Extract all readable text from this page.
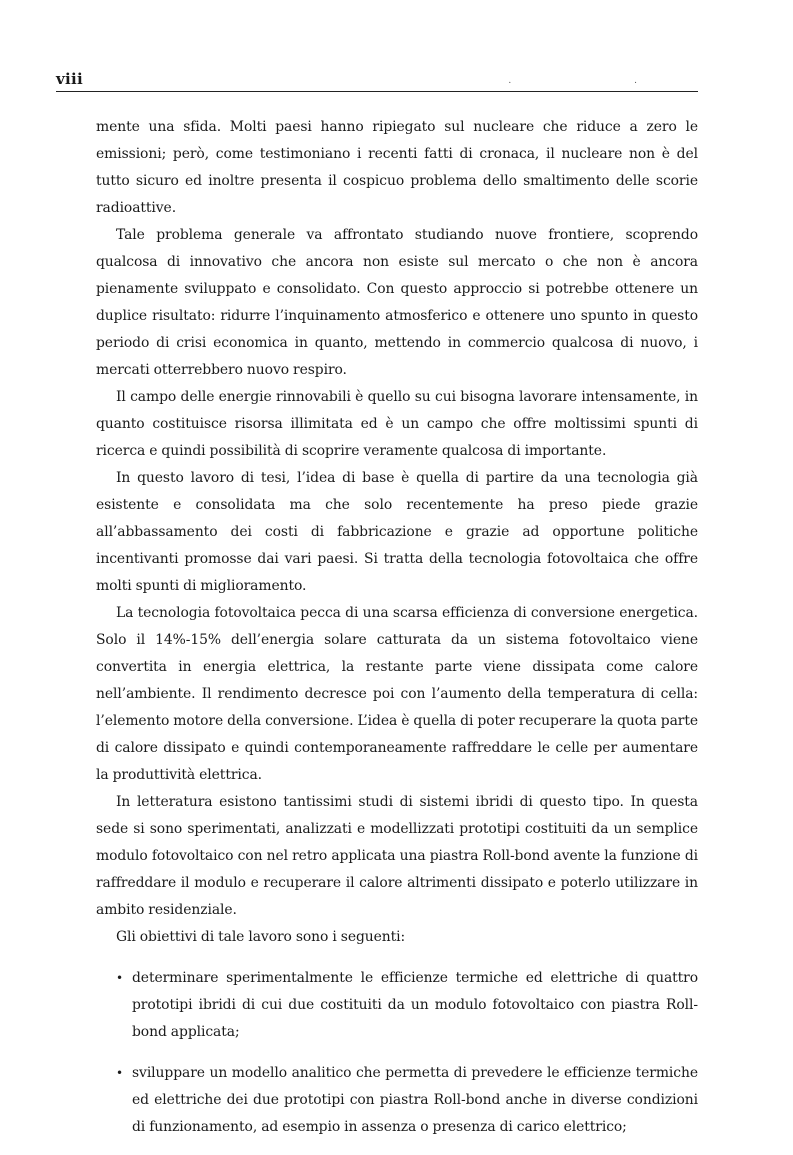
viii	. .

mente una sfida. Molti paesi hanno ripiegato sul nucleare che riduce a zero le emissioni; però, come testimoniano i recenti fatti di cronaca, il nucleare non è del tutto sicuro ed inoltre presenta il cospicuo problema dello smaltimento delle scorie radioattive.

Tale problema generale va affrontato studiando nuove frontiere, scoprendo qualcosa di innovativo che ancora non esiste sul mercato o che non è ancora pienamente sviluppato e consolidato. Con questo approccio si potrebbe ottenere un duplice risultato: ridurre l’inquinamento atmosferico e ottenere uno spunto in questo periodo di crisi economica in quanto, mettendo in commercio qualcosa di nuovo, i mercati otterrebbero nuovo respiro.

Il campo delle energie rinnovabili è quello su cui bisogna lavorare intensamente, in quanto costituisce risorsa illimitata ed è un campo che offre moltissimi spunti di ricerca e quindi possibilità di scoprire veramente qualcosa di importante.

In questo lavoro di tesi, l’idea di base è quella di partire da una tecnologia già esistente e consolidata ma che solo recentemente ha preso piede grazie all’abbassamento dei costi di fabbricazione e grazie ad opportune politiche incentivanti promosse dai vari paesi. Si tratta della tecnologia fotovoltaica che offre molti spunti di miglioramento.

La tecnologia fotovoltaica pecca di una scarsa efficienza di conversione energetica. Solo il 14%-15% dell’energia solare catturata da un sistema fotovoltaico viene convertita in energia elettrica, la restante parte viene dissipata come calore nell’ambiente. Il rendimento decresce poi con l’aumento della temperatura di cella: l’elemento motore della conversione. L’idea è quella di poter recuperare la quota parte di calore dissipato e quindi contemporaneamente raffreddare le celle per aumentare la produttività elettrica.

In letteratura esistono tantissimi studi di sistemi ibridi di questo tipo. In questa sede si sono sperimentati, analizzati e modellizzati prototipi costituiti da un semplice modulo fotovoltaico con nel retro applicata una piastra Roll-bond avente la funzione di raffreddare il modulo e recuperare il calore altrimenti dissipato e poterlo utilizzare in ambito residenziale.

Gli obiettivi di tale lavoro sono i seguenti:

• determinare sperimentalmente le efficienze termiche ed elettriche di quattro prototipi ibridi di cui due costituiti da un modulo fotovoltaico con piastra Roll-bond applicata;
• sviluppare un modello analitico che permetta di prevedere le efficienze termiche ed elettriche dei due prototipi con piastra Roll-bond anche in diverse condizioni di funzionamento, ad esempio in assenza o presenza di carico elettrico;
